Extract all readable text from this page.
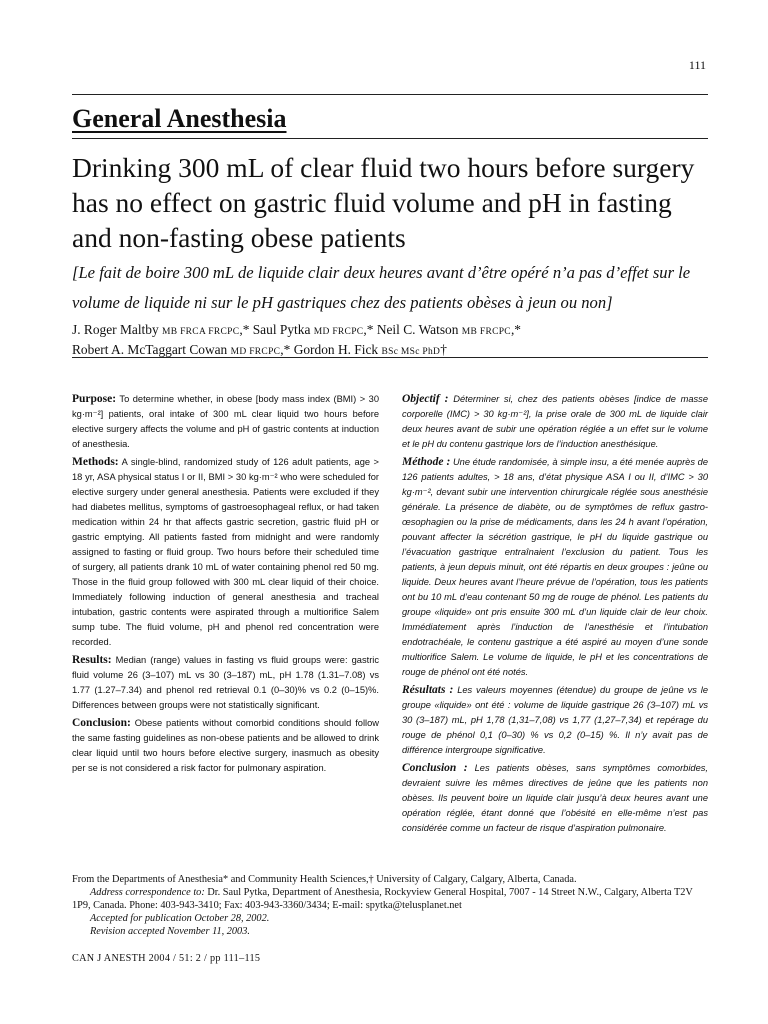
111
General Anesthesia
Drinking 300 mL of clear fluid two hours before surgery has no effect on gastric fluid volume and pH in fasting and non-fasting obese patients
[Le fait de boire 300 mL de liquide clair deux heures avant d’être opéré n’a pas d’effet sur le volume de liquide ni sur le pH gastriques chez des patients obèses à jeun ou non]
J. Roger Maltby MB FRCA FRCPC,* Saul Pytka MD FRCPC,* Neil C. Watson MB FRCPC,*
Robert A. McTaggart Cowan MD FRCPC,* Gordon H. Fick BSc MSc PhD†

Purpose: To determine whether, in obese [body mass index (BMI) > 30 kg·m⁻²] patients, oral intake of 300 mL clear liquid two hours before elective surgery affects the volume and pH of gastric contents at induction of anesthesia.

Methods: A single-blind, randomized study of 126 adult patients, age > 18 yr, ASA physical status I or II, BMI > 30 kg·m⁻² who were scheduled for elective surgery under general anesthesia. Patients were excluded if they had diabetes mellitus, symptoms of gastroesophageal reflux, or had taken medication within 24 hr that affects gastric secretion, gastric fluid pH or gastric emptying. All patients fasted from midnight and were randomly assigned to fasting or fluid group. Two hours before their scheduled time of surgery, all patients drank 10 mL of water containing phenol red 50 mg. Those in the fluid group followed with 300 mL clear liquid of their choice. Immediately following induction of general anesthesia and tracheal intubation, gastric contents were aspirated through a multiorifice Salem sump tube. The fluid volume, pH and phenol red concentration were recorded.

Results: Median (range) values in fasting vs fluid groups were: gastric fluid volume 26 (3–107) mL vs 30 (3–187) mL, pH 1.78 (1.31–7.08) vs 1.77 (1.27–7.34) and phenol red retrieval 0.1 (0–30)% vs 0.2 (0–15)%. Differences between groups were not statistically significant.

Conclusion: Obese patients without comorbid conditions should follow the same fasting guidelines as non-obese patients and be allowed to drink clear liquid until two hours before elective surgery, inasmuch as obesity per se is not considered a risk factor for pulmonary aspiration.

Objectif : Déterminer si, chez des patients obèses [indice de masse corporelle (IMC) > 30 kg·m⁻²], la prise orale de 300 mL de liquide clair deux heures avant de subir une opération réglée a un effet sur le volume et le pH du contenu gastrique lors de l’induction anesthésique.

Méthode : Une étude randomisée, à simple insu, a été menée auprès de 126 patients adultes, > 18 ans, d’état physique ASA I ou II, d’IMC > 30 kg·m⁻², devant subir une intervention chirurgicale réglée sous anesthésie générale. La présence de diabète, ou de symptômes de reflux gastro-œsophagien ou la prise de médicaments, dans les 24 h avant l’opération, pouvant affecter la sécrétion gastrique, le pH du liquide gastrique ou l’évacuation gastrique entraînaient l’exclusion du patient. Tous les patients, à jeun depuis minuit, ont été répartis en deux groupes : jeûne ou liquide. Deux heures avant l’heure prévue de l’opération, tous les patients ont bu 10 mL d’eau contenant 50 mg de rouge de phénol. Les patients du groupe «liquide» ont pris ensuite 300 mL d’un liquide clair de leur choix. Immédiatement après l’induction de l’anesthésie et l’intubation endotrachéale, le contenu gastrique a été aspiré au moyen d’une sonde multiorifice Salem. Le volume de liquide, le pH et les concentrations de rouge de phénol ont été notés.

Résultats : Les valeurs moyennes (étendue) du groupe de jeûne vs le groupe «liquide» ont été : volume de liquide gastrique 26 (3–107) mL vs 30 (3–187) mL, pH 1,78 (1,31–7,08) vs 1,77 (1,27–7,34) et repérage du rouge de phénol 0,1 (0–30) % vs 0,2 (0–15) %. Il n’y avait pas de différence intergroupe significative.

Conclusion : Les patients obèses, sans symptômes comorbides, devraient suivre les mêmes directives de jeûne que les patients non obèses. Ils peuvent boire un liquide clair jusqu’à deux heures avant une opération réglée, étant donné que l’obésité en elle-même n’est pas considérée comme un facteur de risque d’aspiration pulmonaire.

From the Departments of Anesthesia* and Community Health Sciences,† University of Calgary, Calgary, Alberta, Canada.
Address correspondence to: Dr. Saul Pytka, Department of Anesthesia, Rockyview General Hospital, 7007 - 14 Street N.W., Calgary, Alberta T2V 1P9, Canada. Phone: 403-943-3410; Fax: 403-943-3360/3434; E-mail: spytka@telusplanet.net
Accepted for publication October 28, 2002.
Revision accepted November 11, 2003.
CAN J ANESTH 2004 / 51: 2 / pp 111–115
